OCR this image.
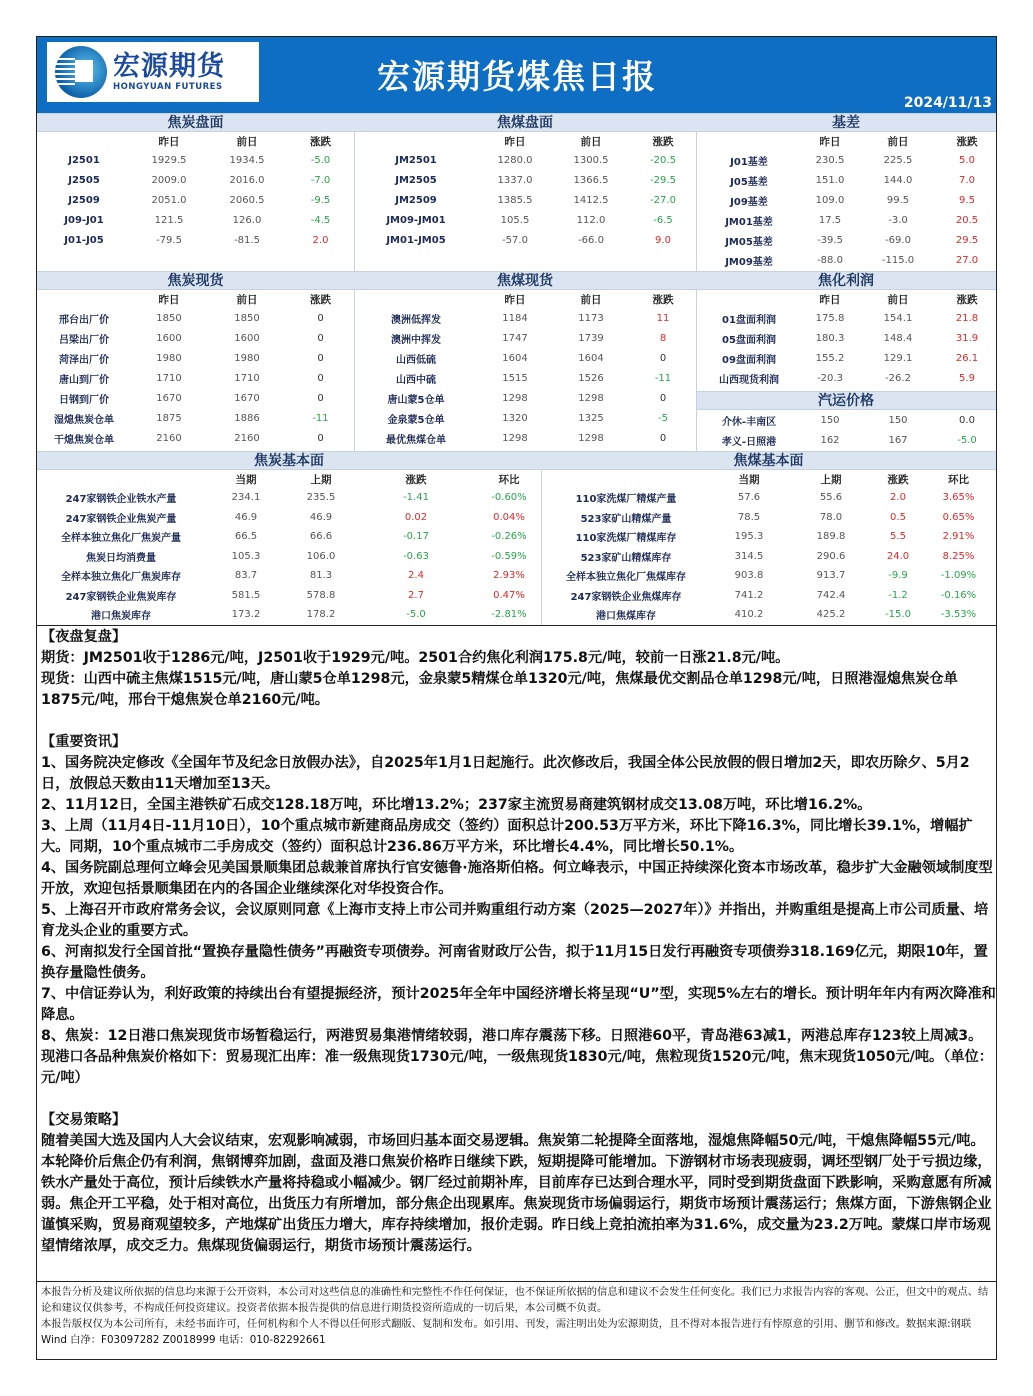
宏源期货
HONGYUAN FUTURES	宏源期货煤焦日报
2024/11/13
焦炭盘面
昨日	前日	涨跌
J2501	1929.5	1934.5	-5.0
J2505	2009.0	2016.0	-7.0
J2509	2051.0	2060.5	-9.5
J09-J01	121.5	126.0	-4.5
J01-J05	-79.5	-81.5	2.0
焦煤盘面
昨日	前日	涨跌
JM2501	1280.0	1300.5	-20.5
JM2505	1337.0	1366.5	-29.5
JM2509	1385.5	1412.5	-27.0
JM09-JM01	105.5	112.0	-6.5
JM01-JM05	-57.0	-66.0	9.0
基差
昨日	前日	涨跌
J01基差	230.5	225.5	5.0
J05基差	151.0	144.0	7.0
J09基差	109.0	99.5	9.5
JM01基差	17.5	-3.0	20.5
JM05基差	-39.5	-69.0	29.5
JM09基差	-88.0	-115.0	27.0
焦炭现货
昨日	前日	涨跌
邢台出厂价	1850	1850	0
吕梁出厂价	1600	1600	0
菏泽出厂价	1980	1980	0
唐山到厂价	1710	1710	0
日钢到厂价	1670	1670	0
湿熄焦炭仓单	1875	1886	-11
干熄焦炭仓单	2160	2160	0
焦煤现货
昨日	前日	涨跌
澳洲低挥发	1184	1173	11
澳洲中挥发	1747	1739	8
山西低硫	1604	1604	0
山西中硫	1515	1526	-11
唐山蒙5仓单	1298	1298	0
金泉蒙5仓单	1320	1325	-5
最优焦煤仓单	1298	1298	0
焦化利润
昨日	前日	涨跌
01盘面利润	175.8	154.1	21.8
05盘面利润	180.3	148.4	31.9
09盘面利润	155.2	129.1	26.1
山西现货利润	-20.3	-26.2	5.9
汽运价格
介休-丰南区	150	150	0.0
孝义-日照港	162	167	-5.0
焦炭基本面
当期	上期	涨跌	环比
247家钢铁企业铁水产量	234.1	235.5	-1.41	-0.60%
247家钢铁企业焦炭产量	46.9	46.9	0.02	0.04%
全样本独立焦化厂焦炭产量	66.5	66.6	-0.17	-0.26%
焦炭日均消费量	105.3	106.0	-0.63	-0.59%
全样本独立焦化厂焦炭库存	83.7	81.3	2.4	2.93%
247家钢铁企业焦炭库存	581.5	578.8	2.7	0.47%
港口焦炭库存	173.2	178.2	-5.0	-2.81%
焦煤基本面
当期	上期	涨跌	环比
110家洗煤厂精煤产量	57.6	55.6	2.0	3.65%
523家矿山精煤产量	78.5	78.0	0.5	0.65%
110家洗煤厂精煤库存	195.3	189.8	5.5	2.91%
523家矿山精煤库存	314.5	290.6	24.0	8.25%
全样本独立焦化厂焦煤库存	903.8	913.7	-9.9	-1.09%
247家钢铁企业焦煤库存	741.2	742.4	-1.2	-0.16%
港口焦煤库存	410.2	425.2	-15.0	-3.53%

【夜盘复盘】

期货：JM2501收于1286元/吨，J2501收于1929元/吨。2501合约焦化利润175.8元/吨，较前一日涨21.8元/吨。

现货：山西中硫主焦煤1515元/吨，唐山蒙5仓单1298元，金泉蒙5精煤仓单1320元/吨，焦煤最优交割品仓单1298元/吨，日照港湿熄焦炭仓单1875元/吨，邢台干熄焦炭仓单2160元/吨。

【重要资讯】

1、国务院决定修改《全国年节及纪念日放假办法》，自2025年1月1日起施行。此次修改后，我国全体公民放假的假日增加2天，即农历除夕、5月2日，放假总天数由11天增加至13天。

2、11月12日，全国主港铁矿石成交128.18万吨，环比增13.2%；237家主流贸易商建筑钢材成交13.08万吨，环比增16.2%。

3、上周（11月4日-11月10日），10个重点城市新建商品房成交（签约）面积总计200.53万平方米，环比下降16.3%，同比增长39.1%，增幅扩大。同期，10个重点城市二手房成交（签约）面积总计236.86万平方米，环比增长4.4%，同比增长50.1%。

4、国务院副总理何立峰会见美国景顺集团总裁兼首席执行官安德鲁·施洛斯伯格。何立峰表示，中国正持续深化资本市场改革，稳步扩大金融领域制度型开放，欢迎包括景顺集团在内的各国企业继续深化对华投资合作。

5、上海召开市政府常务会议，会议原则同意《上海市支持上市公司并购重组行动方案（2025—2027年）》并指出，并购重组是提高上市公司质量、培育龙头企业的重要方式。

6、河南拟发行全国首批“置换存量隐性债务”再融资专项债券。河南省财政厅公告，拟于11月15日发行再融资专项债券318.169亿元，期限10年，置换存量隐性债务。

7、中信证券认为，利好政策的持续出台有望提振经济，预计2025年全年中国经济增长将呈现“U”型，实现5%左右的增长。预计明年年内有两次降准和降息。

8、焦炭：12日港口焦炭现货市场暂稳运行，两港贸易集港情绪较弱，港口库存震荡下移。日照港60平，青岛港63减1，两港总库存123较上周减3。现港口各品种焦炭价格如下：贸易现汇出库：准一级焦现货1730元/吨，一级焦现货1830元/吨，焦粒现货1520元/吨，焦末现货1050元/吨。（单位：元/吨）

【交易策略】

随着美国大选及国内人大会议结束，宏观影响减弱，市场回归基本面交易逻辑。焦炭第二轮提降全面落地，湿熄焦降幅50元/吨，干熄焦降幅55元/吨。本轮降价后焦企仍有利润，焦钢博弈加剧，盘面及港口焦炭价格昨日继续下跌，短期提降可能增加。下游钢材市场表现疲弱，调坯型钢厂处于亏损边缘，铁水产量处于高位，预计后续铁水产量将持稳或小幅减少。钢厂经过前期补库，目前库存已达到合理水平，同时受到期货盘面下跌影响，采购意愿有所减弱。焦企开工平稳，处于相对高位，出货压力有所增加，部分焦企出现累库。焦炭现货市场偏弱运行，期货市场预计震荡运行；焦煤方面，下游焦钢企业谨慎采购，贸易商观望较多，产地煤矿出货压力增大，库存持续增加，报价走弱。昨日线上竞拍流拍率为31.6%，成交量为23.2万吨。蒙煤口岸市场观望情绪浓厚，成交乏力。焦煤现货偏弱运行，期货市场预计震荡运行。

本报告分析及建议所依据的信息均来源于公开资料，本公司对这些信息的准确性和完整性不作任何保证，也不保证所依据的信息和建议不会发生任何变化。我们已力求报告内容的客观、公正，但文中的观点、结论和建议仅供参考，不构成任何投资建议。投资者依据本报告提供的信息进行期货投资所造成的一切后果，本公司概不负责。

本报告版权仅为本公司所有，未经书面许可，任何机构和个人不得以任何形式翻版、复制和发布。如引用、刊发，需注明出处为宏源期货，且不得对本报告进行有悖原意的引用、删节和修改。数据来源:钢联 Wind 白净：F03097282 Z0018999 电话：010-82292661
